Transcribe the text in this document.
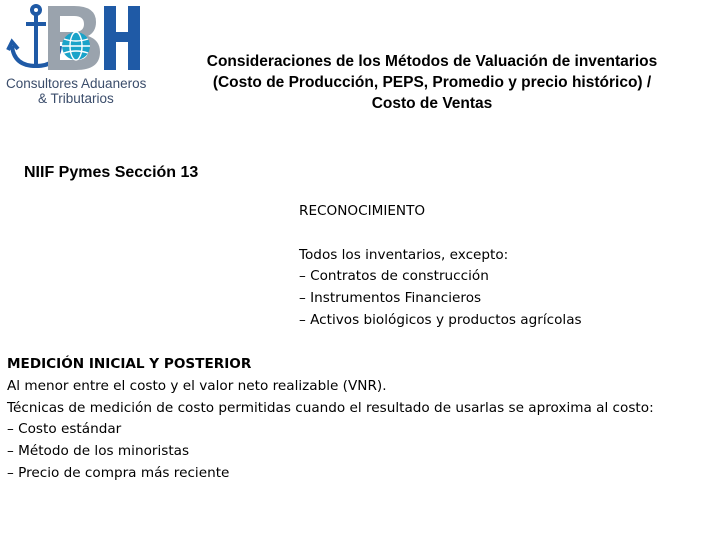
Consultores Aduaneros
& Tributarios
Consideraciones de los Métodos de Valuación de inventarios
(Costo de Producción, PEPS, Promedio y precio histórico) /
Costo de Ventas
NIIF Pymes Sección 13
RECONOCIMIENTO
Todos los inventarios, excepto:
– Contratos de construcción
– Instrumentos Financieros
– Activos biológicos y productos agrícolas
MEDICIÓN INICIAL Y POSTERIOR
Al menor entre el costo y el valor neto realizable (VNR).
Técnicas de medición de costo permitidas cuando el resultado de usarlas se aproxima al costo:
– Costo estándar
– Método de los minoristas
– Precio de compra más reciente
